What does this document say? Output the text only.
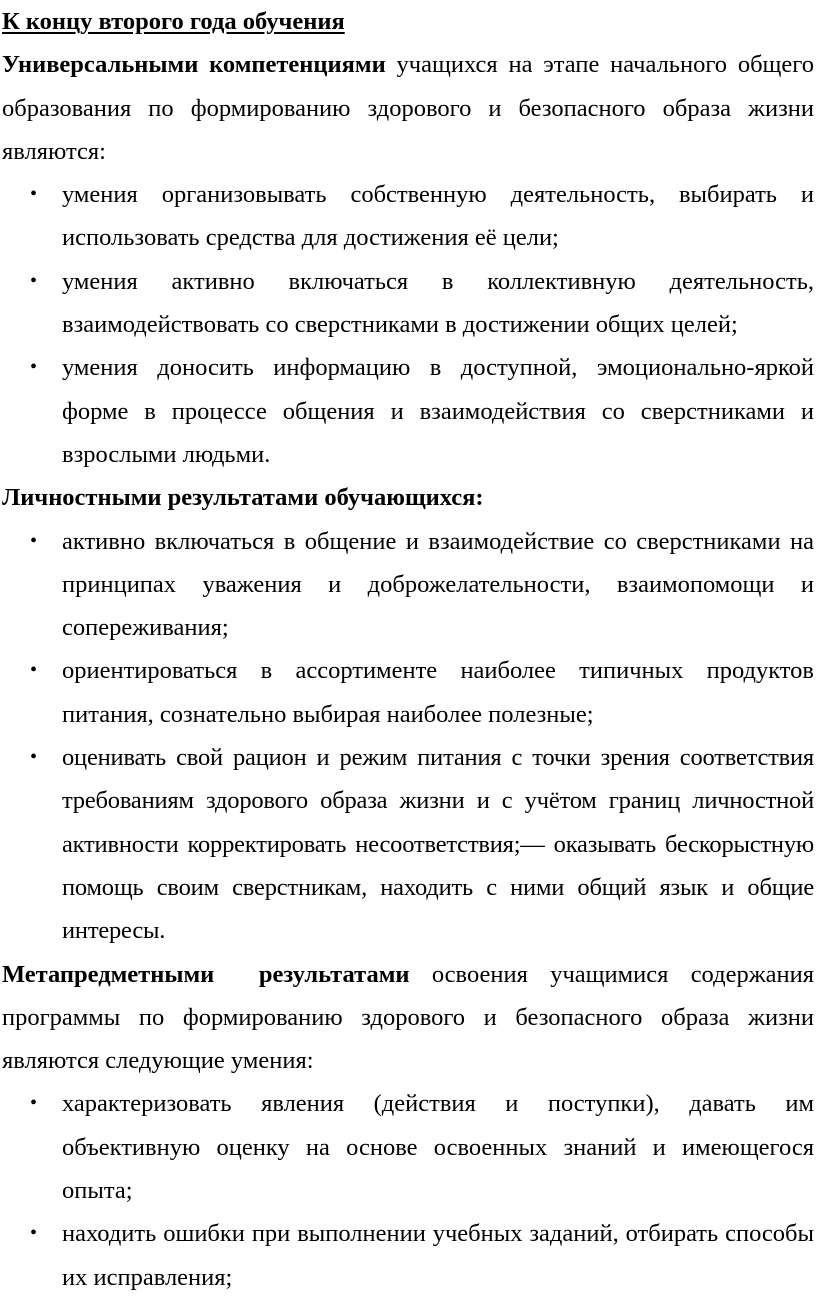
К концу второго года обучения

Универсальными компетенциями учащихся на этапе начального общего образования по формированию здорового и безопасного образа жизни являются:

• умения организовывать собственную деятельность, выбирать и использовать средства для достижения её цели;
• умения активно включаться в коллективную деятельность, взаимодействовать со сверстниками в достижении общих целей;
• умения доносить информацию в доступной, эмоционально-яркой форме в процессе общения и взаимодействия со сверстниками и взрослыми людьми.

Личностными результатами обучающихся:

• активно включаться в общение и взаимодействие со сверстниками на принципах уважения и доброжелательности, взаимопомощи и сопереживания;
• ориентироваться в ассортименте наиболее типичных продуктов питания, сознательно выбирая наиболее полезные;
• оценивать свой рацион и режим питания с точки зрения соответствия требованиям здорового образа жизни и с учётом границ личностной активности корректировать несоответствия;— оказывать бескорыстную помощь своим сверстникам, находить с ними общий язык и общие интересы.

Метапредметными результатами освоения учащимися содержания программы по формированию здорового и безопасного образа жизни являются следующие умения:

• характеризовать явления (действия и поступки), давать им объективную оценку на основе освоенных знаний и имеющегося опыта;
• находить ошибки при выполнении учебных заданий, отбирать способы их исправления;
